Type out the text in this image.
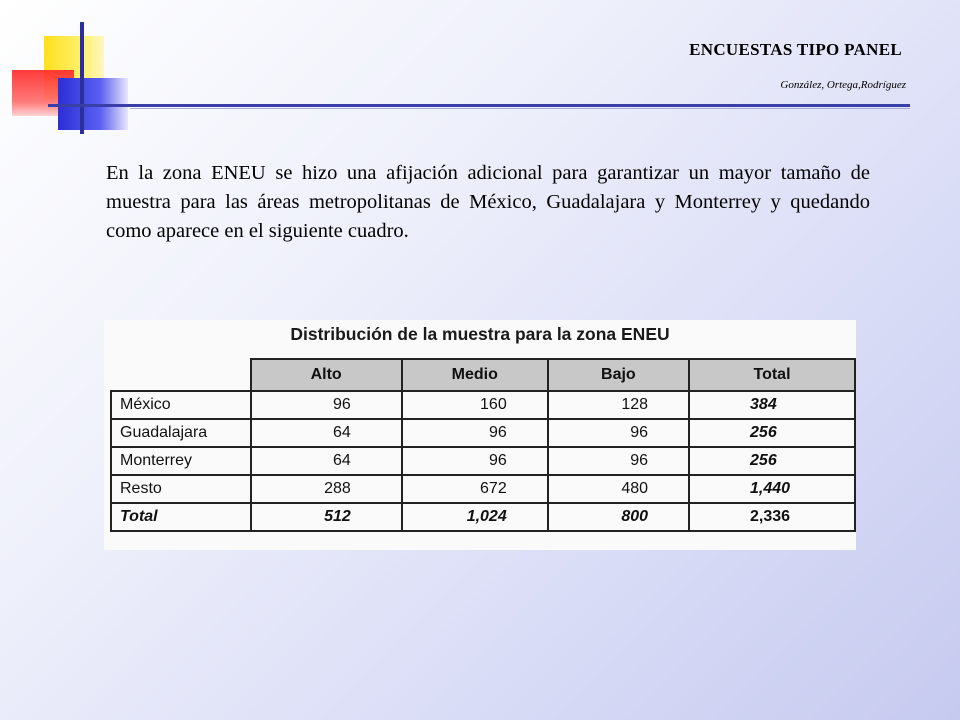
ENCUESTAS TIPO PANEL
González, Ortega,Rodríguez
En la zona ENEU se hizo una afijación adicional para garantizar un mayor tamaño de muestra para las áreas metropolitanas de México, Guadalajara y Monterrey y quedando como aparece en el siguiente cuadro.
Distribución de la muestra para la zona ENEU
	Alto	Medio	Bajo	Total
México	96	160	128	384
Guadalajara	64	96	96	256
Monterrey	64	96	96	256
Resto	288	672	480	1,440
Total	512	1,024	800	2,336
